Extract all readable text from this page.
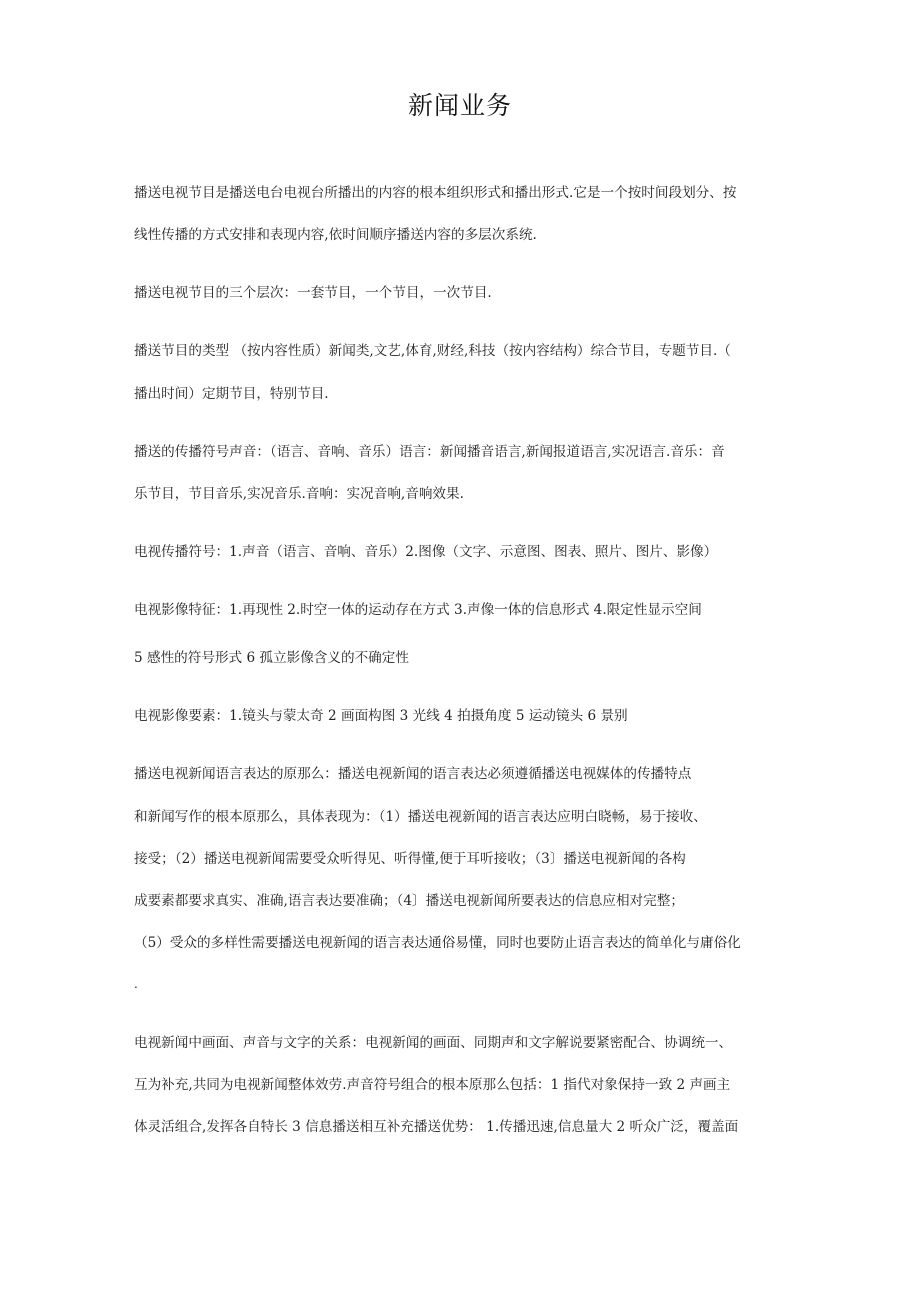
新闻业务
播送电视节目是播送电台电视台所播出的内容的根本组织形式和播出形式.它是一个按时间段划分、按
线性传播的方式安排和表现内容,依时间顺序播送内容的多层次系统.
播送电视节目的三个层次：一套节目，一个节目，一次节目.
播送节目的类型 （按内容性质）新闻类,文艺,体育,财经,科技（按内容结构）综合节目，专题节目.（
播出时间）定期节目，特别节目.
播送的传播符号声音：（语言、音响、音乐）语言：新闻播音语言,新闻报道语言,实况语言.音乐：音
乐节目，节目音乐,实况音乐.音响：实况音响,音响效果.
电视传播符号：1.声音（语言、音响、音乐）2.图像（文字、示意图、图表、照片、图片、影像）
电视影像特征：1.再现性 2.时空一体的运动存在方式 3.声像一体的信息形式 4.限定性显示空间
5 感性的符号形式 6 孤立影像含义的不确定性
电视影像要素：1.镜头与蒙太奇 2 画面构图 3 光线 4 拍摄角度 5 运动镜头 6 景别
播送电视新闻语言表达的原那么：播送电视新闻的语言表达必须遵循播送电视媒体的传播特点
和新闻写作的根本原那么，具体表现为：（1）播送电视新闻的语言表达应明白晓畅，易于接收、
接受；（2）播送电视新闻需要受众听得见、听得懂,便于耳听接收；（3〕播送电视新闻的各构
成要素都要求真实、准确,语言表达要准确；（4〕播送电视新闻所要表达的信息应相对完整；
（5）受众的多样性需要播送电视新闻的语言表达通俗易懂，同时也要防止语言表达的简单化与庸俗化
.
电视新闻中画面、声音与文字的关系：电视新闻的画面、同期声和文字解说要紧密配合、协调统一、
互为补充,共同为电视新闻整体效劳.声音符号组合的根本原那么包括：1 指代对象保持一致 2 声画主
体灵活组合,发挥各自特长 3 信息播送相互补充播送优势： 1.传播迅速,信息量大 2 听众广泛，覆盖面
